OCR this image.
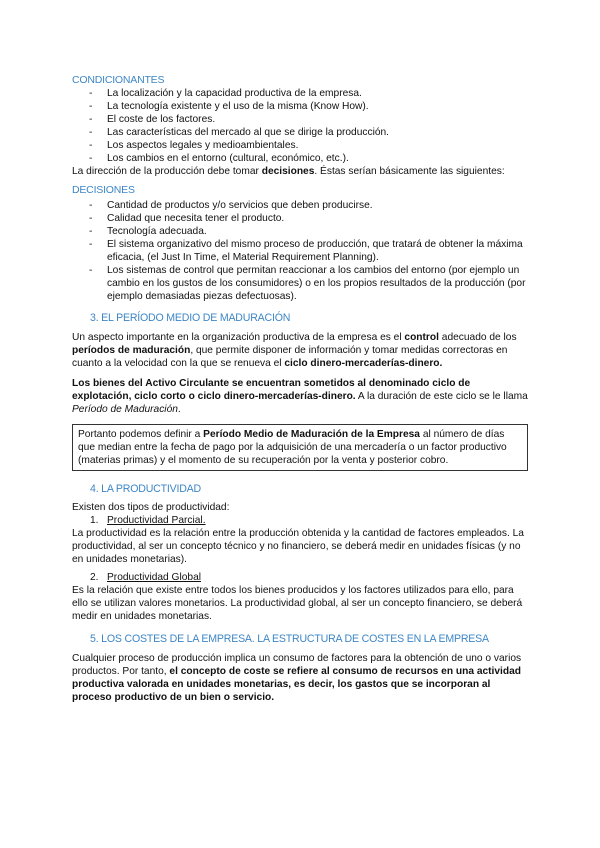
CONDICIONANTES

- La localización y la capacidad productiva de la empresa.
- La tecnología existente y el uso de la misma (Know How).
- El coste de los factores.
- Las características del mercado al que se dirige la producción.
- Los aspectos legales y medioambientales.
- Los cambios en el entorno (cultural, económico, etc.).

La dirección de la producción debe tomar decisiones. Éstas serían básicamente las siguientes:

DECISIONES

- Cantidad de productos y/o servicios que deben producirse.
- Calidad que necesita tener el producto.
- Tecnología adecuada.
- El sistema organizativo del mismo proceso de producción, que tratará de obtener la máxima eficacia, (el Just In Time, el Material Requirement Planning).
- Los sistemas de control que permitan reaccionar a los cambios del entorno (por ejemplo un cambio en los gustos de los consumidores) o en los propios resultados de la producción (por ejemplo demasiadas piezas defectuosas).

3. EL PERÍODO MEDIO DE MADURACIÓN

Un aspecto importante en la organización productiva de la empresa es el control adecuado de los períodos de maduración, que permite disponer de información y tomar medidas correctoras en cuanto a la velocidad con la que se renueva el ciclo dinero-mercaderías-dinero.

Los bienes del Activo Circulante se encuentran sometidos al denominado ciclo de explotación, ciclo corto o ciclo dinero-mercaderías-dinero. A la duración de este ciclo se le llama Período de Maduración.

Portanto podemos definir a Período Medio de Maduración de la Empresa al número de días que median entre la fecha de pago por la adquisición de una mercadería o un factor productivo (materias primas) y el momento de su recuperación por la venta y posterior cobro.

4. LA PRODUCTIVIDAD

Existen dos tipos de productividad:

1. Productividad Parcial.

La productividad es la relación entre la producción obtenida y la cantidad de factores empleados. La productividad, al ser un concepto técnico y no financiero, se deberá medir en unidades físicas (y no en unidades monetarias).

2. Productividad Global

Es la relación que existe entre todos los bienes producidos y los factores utilizados para ello, para ello se utilizan valores monetarios. La productividad global, al ser un concepto financiero, se deberá medir en unidades monetarias.

5. LOS COSTES DE LA EMPRESA. LA ESTRUCTURA DE COSTES EN LA EMPRESA

Cualquier proceso de producción implica un consumo de factores para la obtención de uno o varios productos. Por tanto, el concepto de coste se refiere al consumo de recursos en una actividad productiva valorada en unidades monetarias, es decir, los gastos que se incorporan al proceso productivo de un bien o servicio.
